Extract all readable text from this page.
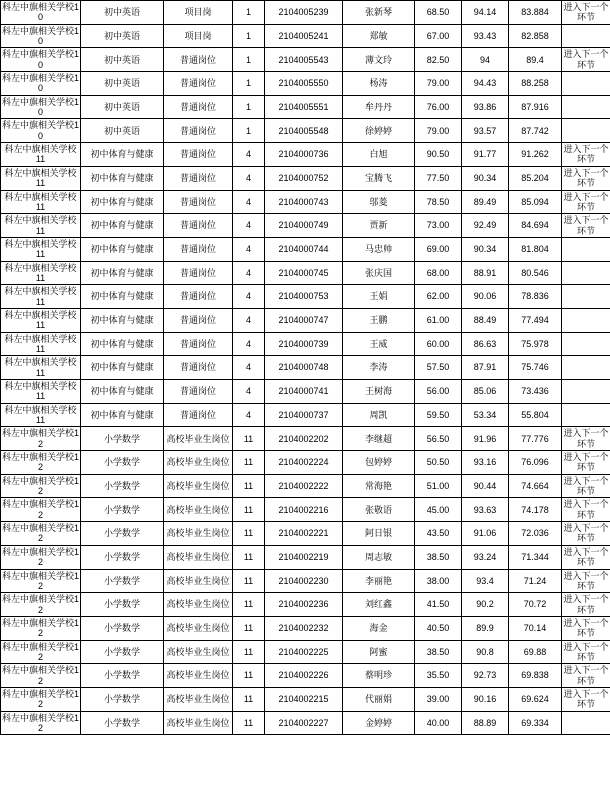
科左中旗相关学校10	初中英语	项目岗	1	2104005239	张新琴	68.50	94.14	83.884	进入下一个环节
科左中旗相关学校10	初中英语	项目岗	1	2104005241	郑敏	67.00	93.43	82.858	
科左中旗相关学校10	初中英语	普通岗位	1	2104005543	薄文玲	82.50	94	89.4	进入下一个环节
科左中旗相关学校10	初中英语	普通岗位	1	2104005550	杨涛	79.00	94.43	88.258	
科左中旗相关学校10	初中英语	普通岗位	1	2104005551	牟丹丹	76.00	93.86	87.916	
科左中旗相关学校10	初中英语	普通岗位	1	2104005548	徐婷婷	79.00	93.57	87.742	
科左中旗相关学校11	初中体育与健康	普通岗位	4	2104000736	白旭	90.50	91.77	91.262	进入下一个环节
科左中旗相关学校11	初中体育与健康	普通岗位	4	2104000752	宝腾飞	77.50	90.34	85.204	进入下一个环节
科左中旗相关学校11	初中体育与健康	普通岗位	4	2104000743	邬菱	78.50	89.49	85.094	进入下一个环节
科左中旗相关学校11	初中体育与健康	普通岗位	4	2104000749	贾新	73.00	92.49	84.694	进入下一个环节
科左中旗相关学校11	初中体育与健康	普通岗位	4	2104000744	马忠帅	69.00	90.34	81.804	
科左中旗相关学校11	初中体育与健康	普通岗位	4	2104000745	张庆国	68.00	88.91	80.546	
科左中旗相关学校11	初中体育与健康	普通岗位	4	2104000753	王娟	62.00	90.06	78.836	
科左中旗相关学校11	初中体育与健康	普通岗位	4	2104000747	王鹏	61.00	88.49	77.494	
科左中旗相关学校11	初中体育与健康	普通岗位	4	2104000739	王威	60.00	86.63	75.978	
科左中旗相关学校11	初中体育与健康	普通岗位	4	2104000748	李涛	57.50	87.91	75.746	
科左中旗相关学校11	初中体育与健康	普通岗位	4	2104000741	王树海	56.00	85.06	73.436	
科左中旗相关学校11	初中体育与健康	普通岗位	4	2104000737	周凯	59.50	53.34	55.804	
科左中旗相关学校12	小学数学	高校毕业生岗位	11	2104002202	李继超	56.50	91.96	77.776	进入下一个环节
科左中旗相关学校12	小学数学	高校毕业生岗位	11	2104002224	包婷婷	50.50	93.16	76.096	进入下一个环节
科左中旗相关学校12	小学数学	高校毕业生岗位	11	2104002222	常海艳	51.00	90.44	74.664	进入下一个环节
科左中旗相关学校12	小学数学	高校毕业生岗位	11	2104002216	张敬语	45.00	93.63	74.178	进入下一个环节
科左中旗相关学校12	小学数学	高校毕业生岗位	11	2104002221	阿日银	43.50	91.06	72.036	进入下一个环节
科左中旗相关学校12	小学数学	高校毕业生岗位	11	2104002219	周志敏	38.50	93.24	71.344	进入下一个环节
科左中旗相关学校12	小学数学	高校毕业生岗位	11	2104002230	李丽艳	38.00	93.4	71.24	进入下一个环节
科左中旗相关学校12	小学数学	高校毕业生岗位	11	2104002236	刘红鑫	41.50	90.2	70.72	进入下一个环节
科左中旗相关学校12	小学数学	高校毕业生岗位	11	2104002232	海金	40.50	89.9	70.14	进入下一个环节
科左中旗相关学校12	小学数学	高校毕业生岗位	11	2104002225	阿蜜	38.50	90.8	69.88	进入下一个环节
科左中旗相关学校12	小学数学	高校毕业生岗位	11	2104002226	蔡明珍	35.50	92.73	69.838	进入下一个环节
科左中旗相关学校12	小学数学	高校毕业生岗位	11	2104002215	代丽娟	39.00	90.16	69.624	进入下一个环节
科左中旗相关学校12	小学数学	高校毕业生岗位	11	2104002227	金婷婷	40.00	88.89	69.334	
